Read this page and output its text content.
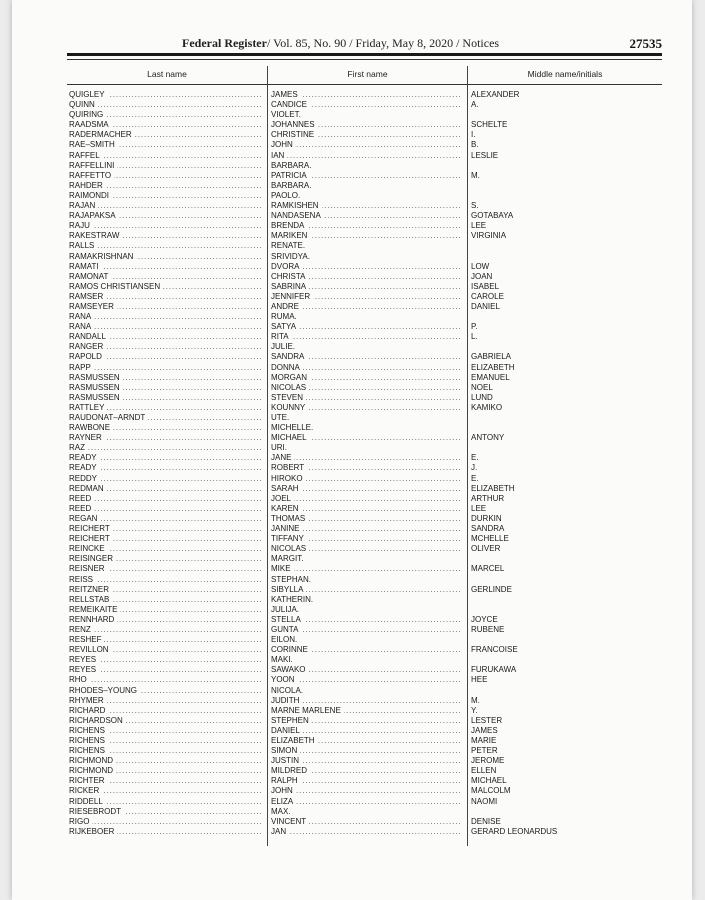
Federal Register/ Vol. 85, No. 90 / Friday, May 8, 2020 / Notices	27535
Last name	First name	Middle name/initials
.....
QUIGLEY .....	JAMES	ALEXANDER
.....
QUINN .....	CANDICE	A.
.....
QUIRING	VIOLET.
.....
RAADSMA .....	JOHANNES	SCHELTE
.....
RADERMACHER .....	CHRISTINE	I.
.....
RAE–SMITH .....	JOHN	B.
.....
RAFFEL .....	IAN	LESLIE
.....
RAFFELLINI	BARBARA.
.....
RAFFETTO .....	PATRICIA	M.
.....
RAHDER	BARBARA.
.....
RAIMONDI	PAOLO.
.....
RAJAN .....	RAMKISHEN	S.
.....
RAJAPAKSA .....	NANDASENA	GOTABAYA
.....
RAJU .....	BRENDA	LEE
.....
RAKESTRAW .....	MARIKEN	VIRGINIA
.....
RALLS	RENATE.
.....
RAMAKRISHNAN	SRIVIDYA.
.....
RAMATI .....	DVORA	LOW
.....
RAMONAT .....	CHRISTA	JOAN
.....
RAMOS CHRISTIANSEN .....	SABRINA	ISABEL
.....
RAMSER .....	JENNIFER	CAROLE
.....
RAMSEYER .....	ANDRE	DANIEL
.....
RANA	RUMA.
.....
RANA .....	SATYA	P.
.....
RANDALL .....	RITA	L.
.....
RANGER	JULIE.
.....
RAPOLD .....	SANDRA	GABRIELA
.....
RAPP .....	DONNA	ELIZABETH
.....
RASMUSSEN .....	MORGAN	EMANUEL
.....
RASMUSSEN .....	NICOLAS	NOEL
.....
RASMUSSEN .....	STEVEN	LUND
.....
RATTLEY .....	KOUNNY	KAMIKO
.....
RAUDONAT–ARNDT	UTE.
.....
RAWBONE	MICHELLE.
.....
RAYNER .....	MICHAEL	ANTONY
.....
RAZ	URI.
.....
READY .....	JANE	E.
.....
READY .....	ROBERT	J.
.....
REDDY .....	HIROKO	E.
.....
REDMAN .....	SARAH	ELIZABETH
.....
REED .....	JOEL	ARTHUR
.....
REED .....	KAREN	LEE
.....
REGAN .....	THOMAS	DURKIN
.....
REICHERT .....	JANINE	SANDRA
.....
REICHERT .....	TIFFANY	MCHELLE
.....
REINCKE .....	NICOLAS	OLIVER
.....
REISINGER	MARGIT.
.....
REISNER .....	MIKE	MARCEL
.....
REISS	STEPHAN.
.....
REITZNER .....	SIBYLLA	GERLINDE
.....
RELLSTAB	KATHERIN.
.....
REMEIKAITE	JULIJA.
.....
RENNHARD .....	STELLA	JOYCE
.....
RENZ .....	GUNTA	RUBENE
.....
RESHEF	EILON.
.....
REVILLON .....	CORINNE	FRANCOISE
.....
REYES	MAKI.
.....
REYES .....	SAWAKO	FURUKAWA
.....
RHO .....	YOON	HEE
.....
RHODES–YOUNG	NICOLA.
.....
RHYMER .....	JUDITH	M.
.....
RICHARD .....	MARNE MARLENE	Y.
.....
RICHARDSON .....	STEPHEN	LESTER
.....
RICHENS .....	DANIEL	JAMES
.....
RICHENS .....	ELIZABETH	MARIE
.....
RICHENS .....	SIMON	PETER
.....
RICHMOND .....	JUSTIN	JEROME
.....
RICHMOND .....	MILDRED	ELLEN
.....
RICHTER .....	RALPH	MICHAEL
.....
RICKER .....	JOHN	MALCOLM
.....
RIDDELL .....	ELIZA	NAOMI
.....
RIESEBRODT	MAX.
.....
RIGO .....	VINCENT	DENISE
.....
RIJKEBOER .....	JAN	GERARD LEONARDUS
